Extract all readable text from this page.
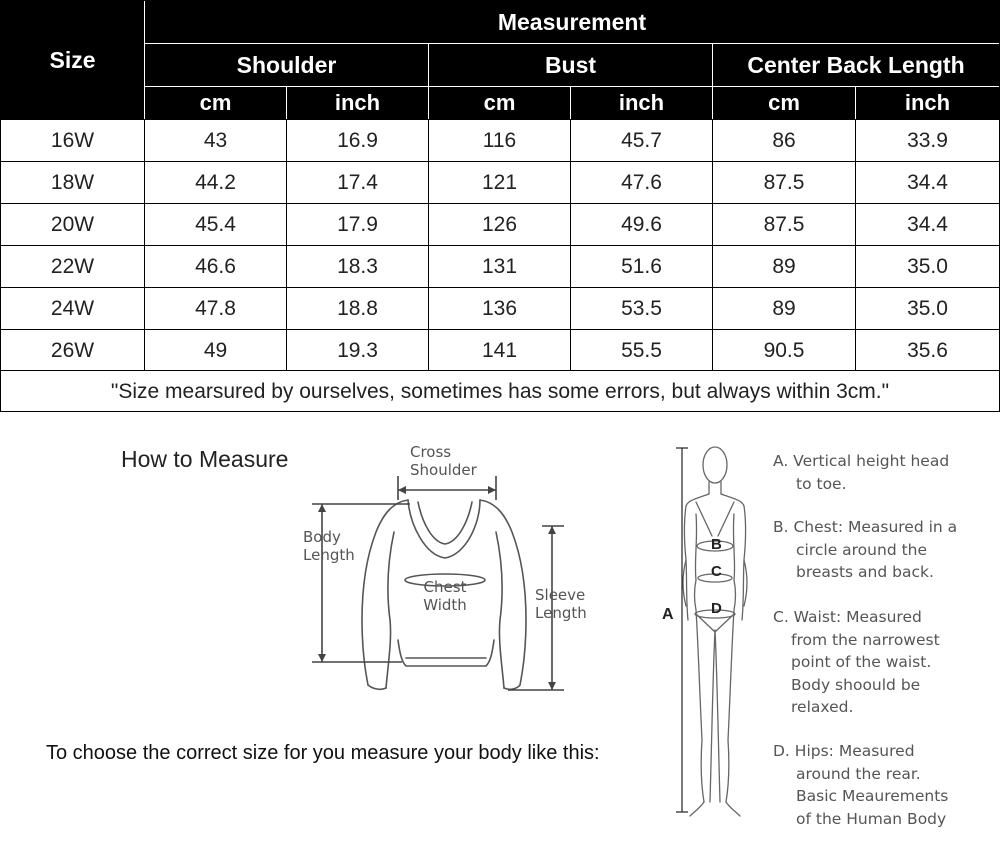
Size
Measurement
Shoulder	Bust	Center Back Length
cm	inch	cm	inch	cm	inch
16W	43	16.9	116	45.7	86	33.9
18W	44.2	17.4	121	47.6	87.5	34.4
20W	45.4	17.9	126	49.6	87.5	34.4
22W	46.6	18.3	131	51.6	89	35.0
24W	47.8	18.8	136	53.5	89	35.0
26W	49	19.3	141	55.5	90.5	35.6
"Size mearsured by ourselves, sometimes has some errors, but always within 3cm."
How to Measure	Cross
Shoulder
Body
Length
Chest
Width
Sleeve
Length
To choose the correct size for you measure your body like this:
A
B
C
D
A. Vertical height head
to toe.
B. Chest: Measured in a
circle around the
breasts and back.
C. Waist: Measured
from the narrowest
point of the waist.
Body shoould be
relaxed.
D. Hips: Measured
around the rear.
Basic Meaurements
of the Human Body
